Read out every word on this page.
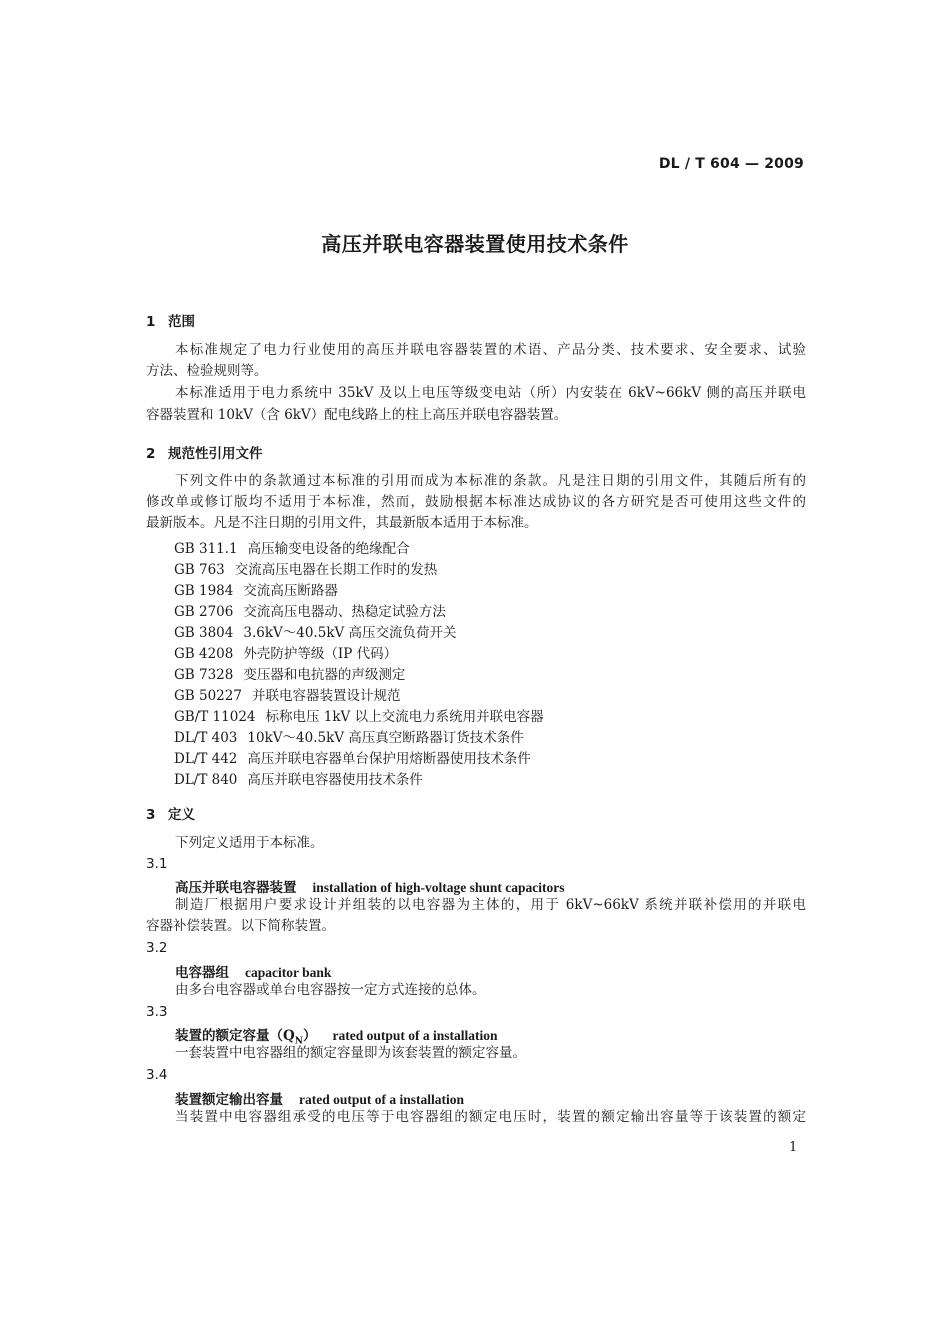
DL / T 604 — 2009
高压并联电容器装置使用技术条件
1 范围
本标准规定了电力行业使用的高压并联电容器装置的术语、产品分类、技术要求、安全要求、试验
方法、检验规则等。
本标准适用于电力系统中 35kV 及以上电压等级变电站（所）内安装在 6kV~66kV 侧的高压并联电
容器装置和 10kV（含 6kV）配电线路上的柱上高压并联电容器装置。
2 规范性引用文件
下列文件中的条款通过本标准的引用而成为本标准的条款。凡是注日期的引用文件，其随后所有的
修改单或修订版均不适用于本标准，然而，鼓励根据本标准达成协议的各方研究是否可使用这些文件的
最新版本。凡是不注日期的引用文件，其最新版本适用于本标准。
GB 311.1 高压输变电设备的绝缘配合
GB 763 交流高压电器在长期工作时的发热
GB 1984 交流高压断路器
GB 2706 交流高压电器动、热稳定试验方法
GB 3804 3.6kV～40.5kV 高压交流负荷开关
GB 4208 外壳防护等级（IP 代码）
GB 7328 变压器和电抗器的声级测定
GB 50227 并联电容器装置设计规范
GB/T 11024 标称电压 1kV 以上交流电力系统用并联电容器
DL/T 403 10kV～40.5kV 高压真空断路器订货技术条件
DL/T 442 高压并联电容器单台保护用熔断器使用技术条件
DL/T 840 高压并联电容器使用技术条件
3 定义
下列定义适用于本标准。
3.1
高压并联电容器装置 installation of high-voltage shunt capacitors
制造厂根据用户要求设计并组装的以电容器为主体的，用于 6kV~66kV 系统并联补偿用的并联电
容器补偿装置。以下简称装置。
3.2
电容器组 capacitor bank
由多台电容器或单台电容器按一定方式连接的总体。
3.3
装置的额定容量$(Q_N)$ rated output of a installation
一套装置中电容器组的额定容量即为该套装置的额定容量。
3.4
装置额定输出容量 rated output of a installation
当装置中电容器组承受的电压等于电容器组的额定电压时，装置的额定输出容量等于该装置的额定
1
